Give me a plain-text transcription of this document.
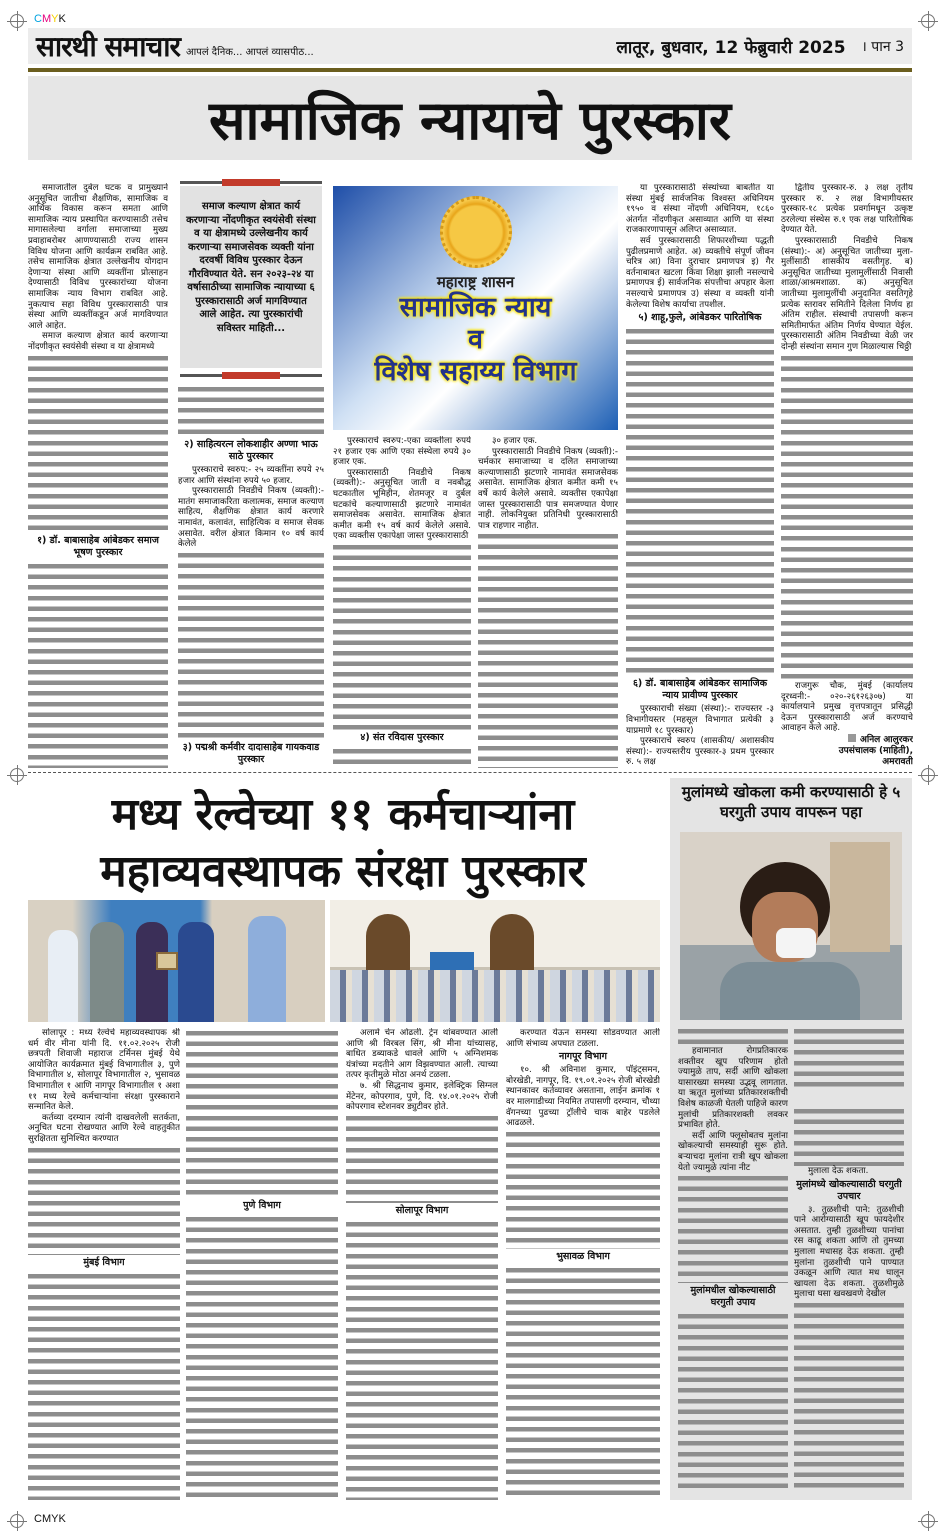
CMYK
CMYK
सारथी समाचार आपलं दैनिक... आपलं व्यासपीठ...	लातूर, बुधवार, 12 फेब्रुवारी 2025 । पान 3
सामाजिक न्यायाचे पुरस्कार

समाजातील दुर्बल घटक व प्रामुख्याने अनुसूचित जातीचा शैक्षणिक, सामाजिक व आर्थिक विकास करून समता आणि सामाजिक न्याय प्रस्थापित करण्यासाठी तसेच मागासलेल्या वर्गाला समाजाच्या मुख्य प्रवाहाबरोबर आणण्यासाठी राज्य शासन विविध योजना आणि कार्यक्रम राबवित आहे. तसेच सामाजिक क्षेत्रात उल्लेखनीय योगदान देणाऱ्या संस्था आणि व्यक्तींना प्रोत्साहन देण्यासाठी विविध पुरस्कारांच्या योजना सामाजिक न्याय विभाग राबवित आहे. नुकत्याच सहा विविध पुरस्कारासाठी पात्र संस्था आणि व्यक्तींकडून अर्ज मागविण्यात आले आहेत.

समाज कल्याण क्षेत्रात कार्य करणाऱ्या नोंदणीकृत स्वयंसेवी संस्था व या क्षेत्रामध्ये

१) डॉ. बाबासाहेब आंबेडकर समाज भूषण पुरस्कार
समाज कल्याण क्षेत्रात कार्य करणाऱ्या नोंदणीकृत स्वयंसेवी संस्था व या क्षेत्रामध्ये उल्लेखनीय कार्य करणाऱ्या समाजसेवक व्यक्ती यांना दरवर्षी विविध पुरस्कार देऊन गौरविण्यात येते. सन २०२३-२४ या वर्षासाठीच्या सामाजिक न्यायाच्या ६ पुरस्कारासाठी अर्ज मागविण्यात आले आहेत. त्या पुरस्कारांची सविस्तर माहिती...
२) साहित्यरत्न लोकशाहीर अण्णा भाऊ साठे पुरस्कार

पुरस्काराचे स्वरुप:- २५ व्यक्तींना रुपये २५ हजार आणि संस्थांना रुपये ५० हजार.

पुरस्कारासाठी निवडीचे निकष (व्यक्ती):- मातंग समाजाकरिता कलात्मक, समाज कल्याण साहित्य, शैक्षणिक क्षेत्रात कार्य करणारे नामावंत, कलावंत, साहित्यिक व समाज सेवक असावेत. वरील क्षेत्रात किमान १० वर्ष कार्य केलेले

३) पद्मश्री कर्मवीर दादासाहेब गायकवाड पुरस्कार
महाराष्ट्र शासन
सामाजिक न्याय
व
विशेष सहाय्य विभाग

पुरस्काराचे स्वरुप:-एका व्यक्तीला रुपये २१ हजार एक आणि एका संस्थेला रुपये ३० हजार एक.

पुरस्कारासाठी निवडीचे निकष (व्यक्ती):- अनुसूचित जाती व नवबौद्ध घटकातील भूमिहीन, शेतमजूर व दुर्बल घटकांचे कल्याणासाठी झटणारे नामावंत समाजसेवक असावेत. सामाजिक क्षेत्रात कमीत कमी १५ वर्ष कार्य केलेले असावे. एका व्यक्तीस एकापेक्षा जास्त पुरस्कारासाठी

४) संत रविदास पुरस्कार

३० हजार एक.

पुरस्कारासाठी निवडीचे निकष (व्यक्ती):- चर्मकार समाजाच्या व दलित समाजाच्या कल्याणासाठी झटणारे नामावंत समाजसेवक असावेत. सामाजिक क्षेत्रात कमीत कमी १५ वर्षे कार्य केलेले असावे. व्यक्तीस एकापेक्षा जास्त पुरस्कारासाठी पात्र समजण्यात येणार नाही. लोकनियुक्त प्रतिनिधी पुरस्कारासाठी पात्र राहणार नाहीत.

या पुरस्कारासाठी संस्थांच्या बाबतीत या संस्था मुंबई सार्वजनिक विश्वस्त अधिनियम १९५० व संस्था नोंदणी अधिनियम, १८६० अंतर्गत नोंदणीकृत असाव्यात आणि या संस्था राजकारणापासून अलिप्त असाव्यात.

सर्व पुरस्कारासाठी शिफारशीच्या पद्धती पुढीलप्रमाणे आहेत. अ) व्यक्तीचे संपूर्ण जीवन चरित्र आ) विना दुराचार प्रमाणपत्र इ) गैर वर्तनाबाबत खटला किंवा शिक्षा झाली नसल्याचे प्रमाणपत्र ई) सार्वजनिक संपत्तीचा अपहार केला नसल्याचे प्रमाणपत्र उ) संस्था व व्यक्ती यांनी केलेल्या विशेष कार्याचा तपशील.

५) शाहू,फुले, आंबेडकर पारितोषिक
६) डॉ. बाबासाहेब आंबेडकर सामाजिक न्याय प्रावीण्य पुरस्कार

पुरस्काराची संख्या (संस्था):- राज्यस्तर -३ विभागीयस्तर (महसूल विभागात प्रत्येकी ३ याप्रमाणे १८ पुरस्कार)

पुरस्काराचे स्वरुप (शासकीय/ अशासकीय संस्था):- राज्यस्तरीय पुरस्कार-३ प्रथम पुरस्कार रु. ५ लक्ष

द्वितीय पुरस्कार-रु. ३ लक्ष तृतीय पुरस्कार रु. २ लक्ष विभागीयस्तर पुरस्कार-१८ प्रत्येक प्रवर्गामधून उत्कृष्ट ठरलेल्या संस्थेस रु.१ एक लक्ष पारितोषिक देण्यात येते.

पुरस्कारासाठी निवडीचे निकष (संस्था):- अ) अनुसूचित जातीच्या मुला-मुलींसाठी शासकीय वसतीगृह. ब) अनुसूचित जातीच्या मुलामुलींसाठी निवासी शाळा/आश्रमशाळा. क) अनुसूचित जातीच्या मुलामुलींची अनुदानित वसतिगृहे प्रत्येक स्तरावर समितीने दिलेला निर्णय हा अंतिम राहील. संस्थाची तपासणी करून समितीमार्फत अंतिम निर्णय घेण्यात येईल. पुरस्कारासाठी अंतिम निवडीच्या वेळी जर दोन्ही संस्थांना समान गुण मिळाल्यास चिठ्ठी

राजगुरू चौक, मुंबई (कार्यालय दूरध्वनी:- ०२०-२६१२६३०७) या कार्यालयाने प्रमुख वृत्तपत्रातून प्रसिद्धी देऊन पुरस्कारासाठी अर्ज करण्याचे आवाहन केले आहे.

अनिल आलुरकर
उपसंचालक (माहिती),
अमरावती
मध्य रेल्वेच्या ११ कर्मचाऱ्यांना
महाव्यवस्थापक संरक्षा पुरस्कार

सोलापूर : मध्य रेल्वेचे महाव्यवस्थापक श्री धर्म वीर मीना यांनी दि. ११.०२.२०२५ रोजी छत्रपती शिवाजी महाराज टर्मिनस मुंबई येथे आयोजित कार्यक्रमात मुंबई विभागातील ३, पुणे विभागातील ४, सोलापूर विभागातील २, भुसावळ विभागातील १ आणि नागपूर विभागातील १ अशा ११ मध्य रेल्वे कर्मचाऱ्यांना संरक्षा पुरस्काराने सन्मानित केले.

कर्तव्या दरम्यान त्यांनी दाखवलेली सतर्कता, अनुचित घटना रोखण्यात आणि रेल्वे वाहतुकीत सुरक्षितता सुनिश्चित करण्यात

मुंबई विभाग
पुणे विभाग

अलार्म चेन ओढली. ट्रेन थांबवण्यात आली आणि श्री विरबल सिंग, श्री मीना यांच्यासह, बाधित डब्याकडे धावले आणि ५ अग्निशमक यंत्रांच्या मदतीने आग विझवण्यात आली. त्याच्या तत्पर कृतीमुळे मोठा अनर्थ टळला.

७. श्री सिद्धनाथ कुमार, इलेक्ट्रिक सिग्नल मेंटेनर, कोपरगाव, पुणे, दि. १४.०१.२०२५ रोजी कोपरगाव स्टेशनवर ड्युटीवर होते.

सोलापूर विभाग

करण्यात येऊन समस्या सोडवण्यात आली आणि संभाव्य अपघात टळला.

नागपूर विभाग

१०. श्री अविनाश कुमार, पॉइंट्समन, बोरखेडी, नागपूर, दि. १९.०१.२०२५ रोजी बोरखेडी स्थानकावर कर्तव्यावर असताना, लाईन क्रमांक १ वर मालगाडीच्या नियमित तपासणी दरम्यान, चौथ्या वॅगनच्या पुढच्या ट्रॉलीचे चाक बाहेर पडलेले आढळले.

भुसावळ विभाग
मुलांमध्ये खोकला कमी करण्यासाठी हे ५ घरगुती उपाय वापरून पहा

हवामानात रोगप्रतिकारक शक्तीवर खूप परिणाम होतो ज्यामुळे ताप, सर्दी आणि खोकला यासारख्या समस्या उद्भवू लागतात. या ऋतूत मुलांच्या प्रतिकारशक्तीची विशेष काळजी घेतली पाहिजे कारण मुलांची प्रतिकारशक्ती लवकर प्रभावित होते.

सर्दी आणि फ्लूसोबतच मुलांना खोकल्याची समस्याही सुरू होते. बऱ्याचदा मुलांना रात्री खूप खोकला येतो ज्यामुळे त्यांना नीट

मुलांमधील खोकल्यासाठी घरगुती उपाय

मुलाला देऊ शकता.

मुलांमध्ये खोकल्यासाठी घरगुती उपचार

३. तुळशीची पाने: तुळशीची पाने आरोग्यासाठी खूप फायदेशीर असतात. तुम्ही तुळशीच्या पानांचा रस काढू शकता आणि तो तुमच्या मुलाला मधासह देऊ शकता. तुम्ही मुलांना तुळशीची पाने पाण्यात उकळून आणि त्यात मध घालून खायला देऊ शकता. तुळशीमुळे मुलाचा घसा खवखवणे देखील
